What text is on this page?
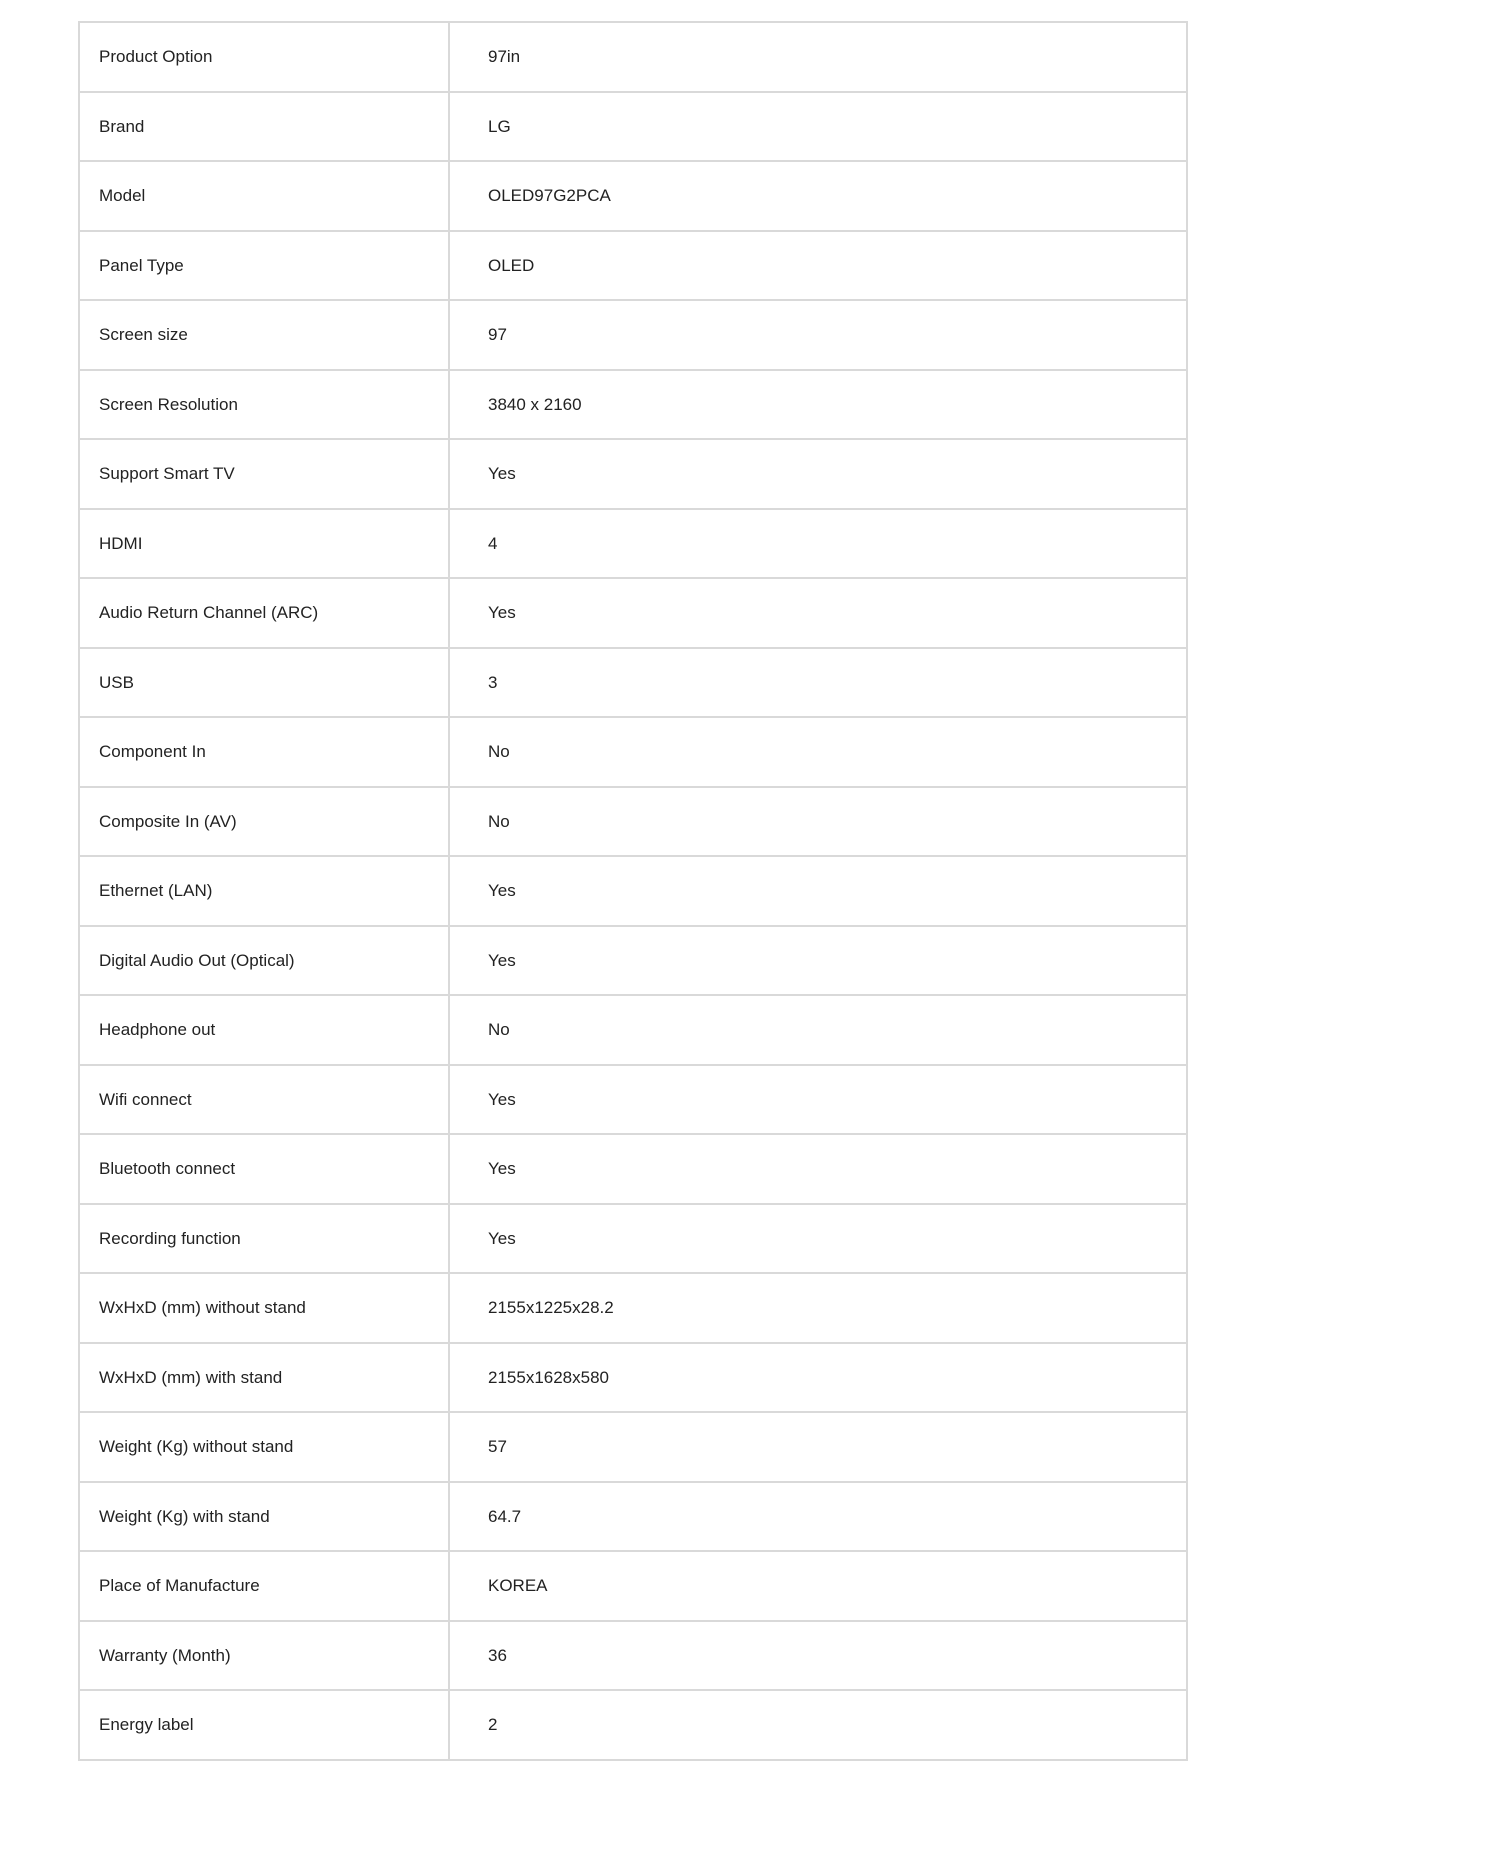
Product Option	97in
Brand	LG
Model	OLED97G2PCA
Panel Type	OLED
Screen size	97
Screen Resolution	3840 x 2160
Support Smart TV	Yes
HDMI	4
Audio Return Channel (ARC)	Yes
USB	3
Component In	No
Composite In (AV)	No
Ethernet (LAN)	Yes
Digital Audio Out (Optical)	Yes
Headphone out	No
Wifi connect	Yes
Bluetooth connect	Yes
Recording function	Yes
WxHxD (mm) without stand	2155x1225x28.2
WxHxD (mm) with stand	2155x1628x580
Weight (Kg) without stand	57
Weight (Kg) with stand	64.7
Place of Manufacture	KOREA
Warranty (Month)	36
Energy label	2
